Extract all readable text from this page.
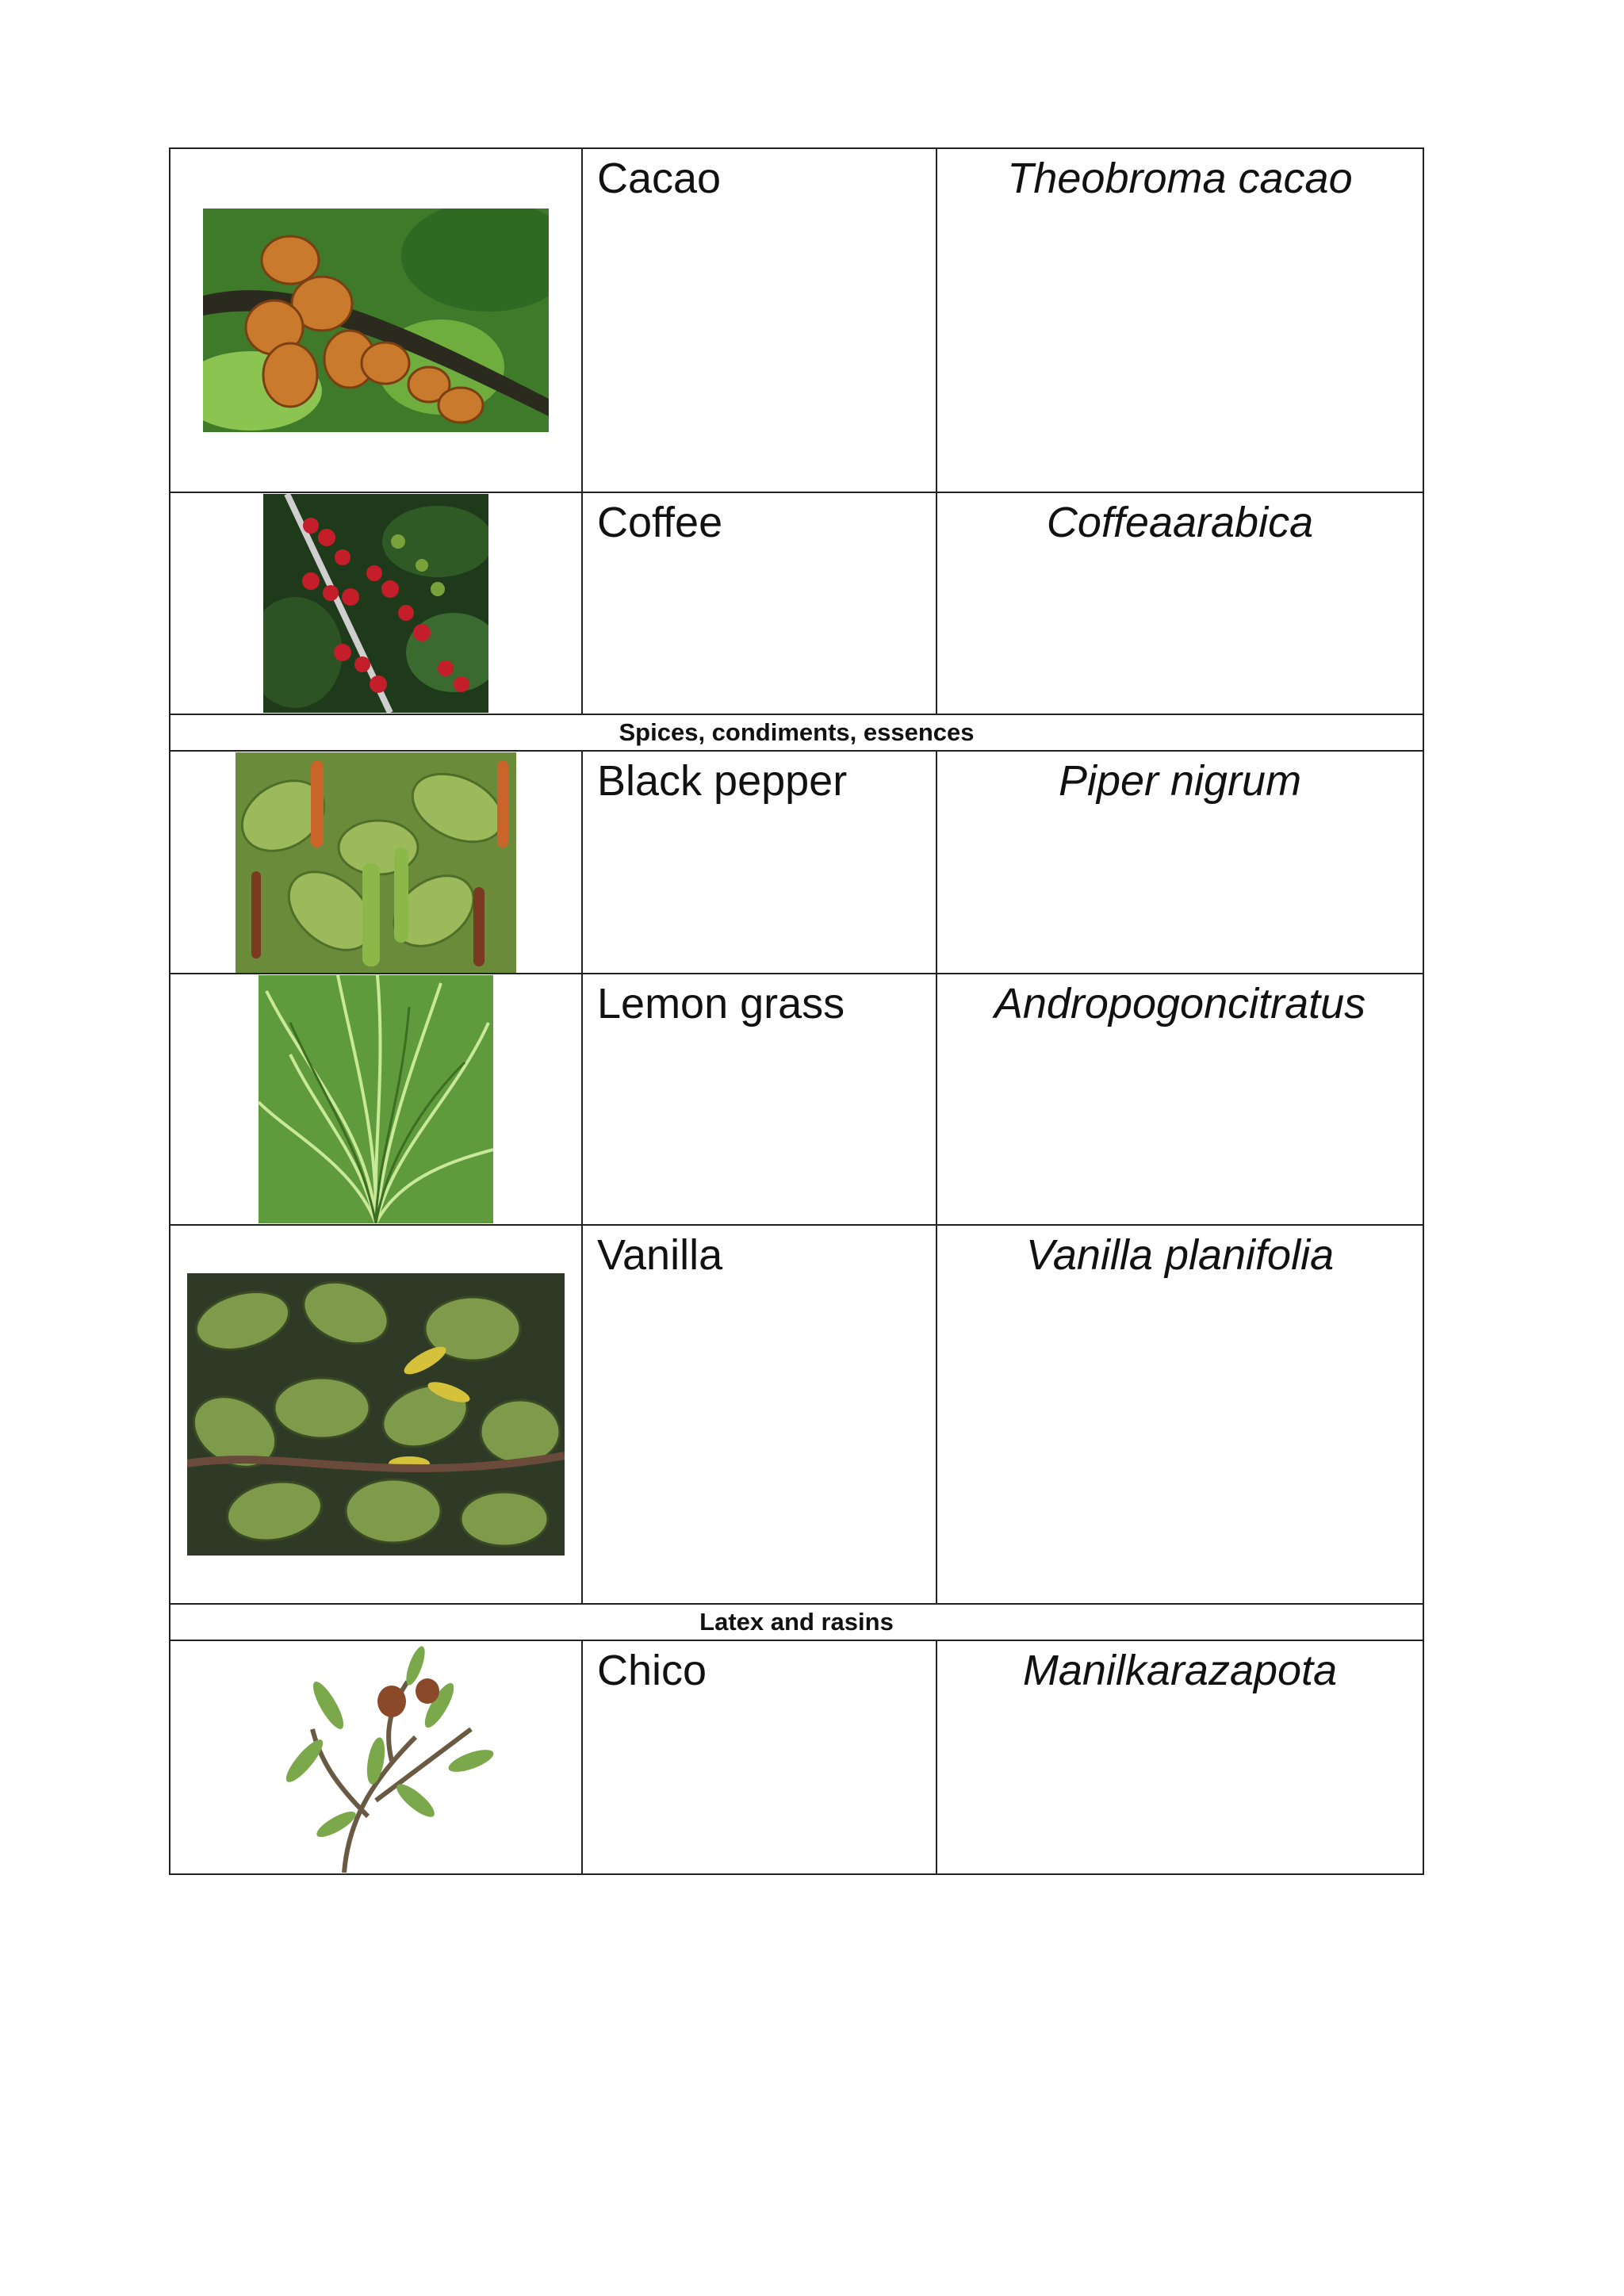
Cacao	Theobroma cacao

Coffee	Coffeaarabica

Spices, condiments, essences		

Black pepper	Piper nigrum

Lemon grass	Andropogoncitratus

Vanilla	Vanilla planifolia

Latex and rasins		

Chico	Manilkarazapota
